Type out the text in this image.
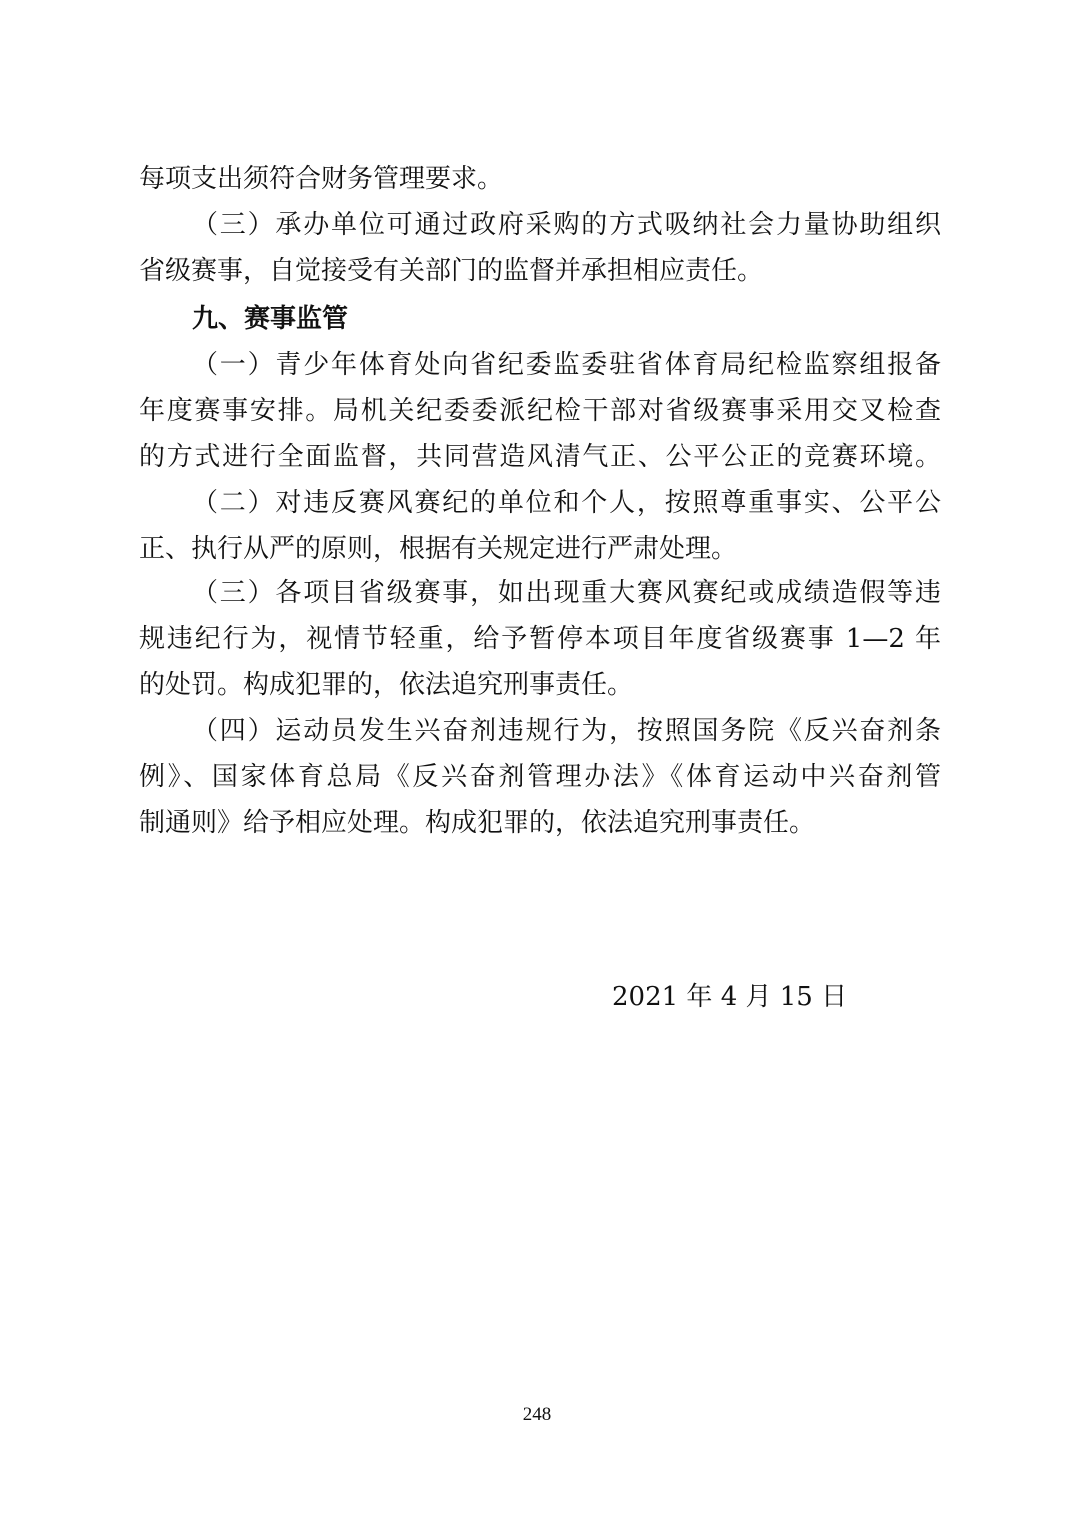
每项支出须符合财务管理要求。
（三）承办单位可通过政府采购的方式吸纳社会力量协助组织
省级赛事，自觉接受有关部门的监督并承担相应责任。
九、赛事监管
（一）青少年体育处向省纪委监委驻省体育局纪检监察组报备
年度赛事安排。局机关纪委委派纪检干部对省级赛事采用交叉检查
的方式进行全面监督，共同营造风清气正、公平公正的竞赛环境。
（二）对违反赛风赛纪的单位和个人，按照尊重事实、公平公
正、执行从严的原则，根据有关规定进行严肃处理。
（三）各项目省级赛事，如出现重大赛风赛纪或成绩造假等违
规违纪行为，视情节轻重，给予暂停本项目年度省级赛事 1—2 年
的处罚。构成犯罪的，依法追究刑事责任。
（四）运动员发生兴奋剂违规行为，按照国务院《反兴奋剂条
例》、国家体育总局《反兴奋剂管理办法》《体育运动中兴奋剂管
制通则》给予相应处理。构成犯罪的，依法追究刑事责任。
2021 年 4 月 15 日
248
